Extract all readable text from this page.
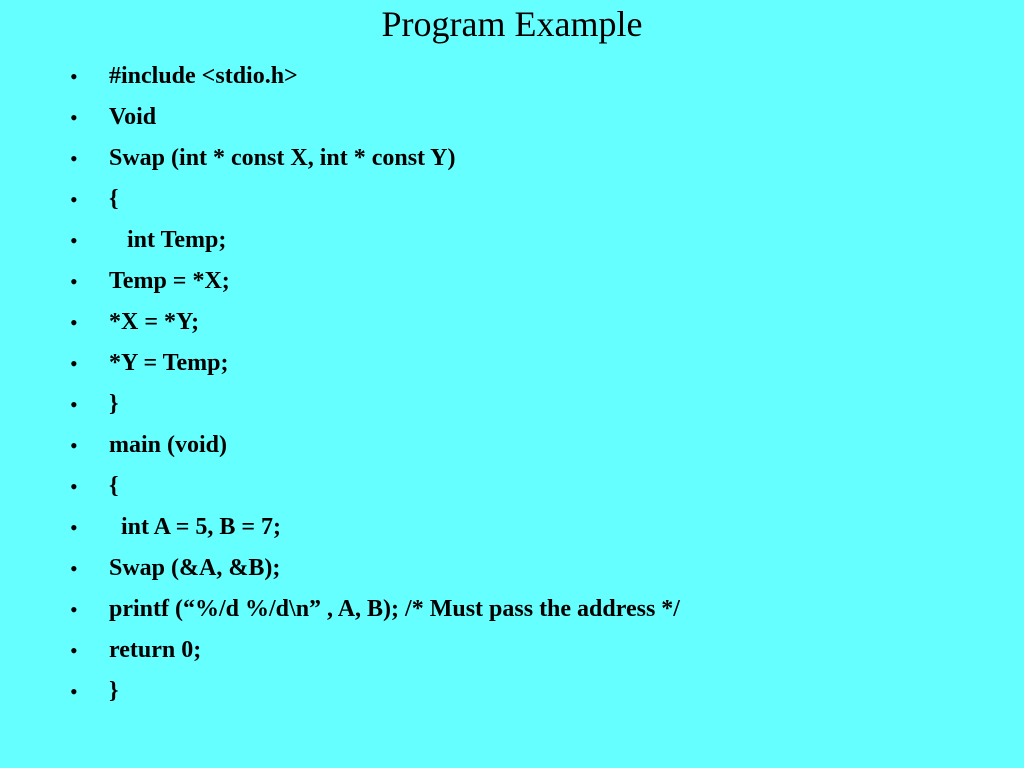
Program Example
•	#include <stdio.h>
•	Void
•	Swap (int * const X, int * const Y)
•	{
•	int Temp;
•	Temp = *X;
•	*X = *Y;
•	*Y = Temp;
•	}
•	main (void)
•	{
•	int A = 5, B = 7;
•	Swap (&A, &B);
•	printf (“%/d %/d\n” , A, B); /* Must pass the address */
•	return 0;
•	}
